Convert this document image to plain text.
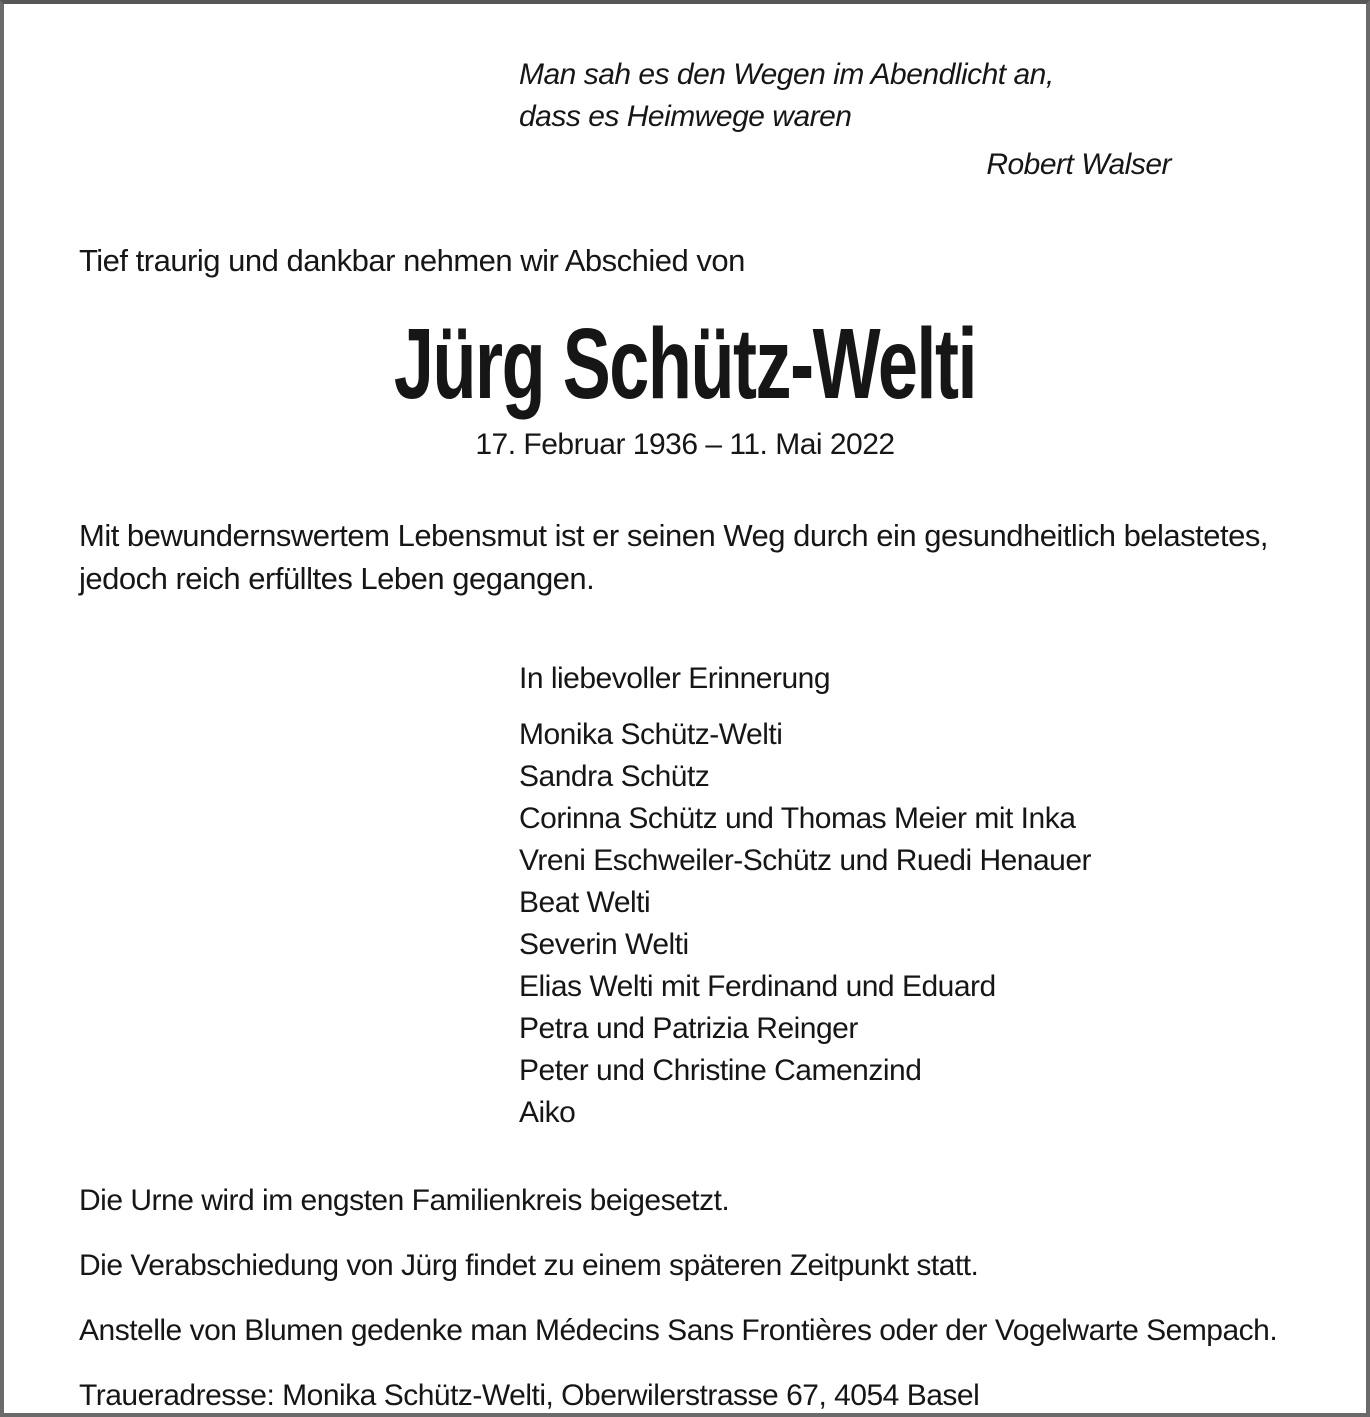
Man sah es den Wegen im Abendlicht an,
dass es Heimwege waren
Robert Walser
Tief traurig und dankbar nehmen wir Abschied von
Jürg Schütz-Welti
17. Februar 1936 – 11. Mai 2022
Mit bewundernswertem Lebensmut ist er seinen Weg durch ein gesundheitlich belastetes, jedoch reich erfülltes Leben gegangen.
In liebevoller Erinnerung
Monika Schütz-Welti
Sandra Schütz
Corinna Schütz und Thomas Meier mit Inka
Vreni Eschweiler-Schütz und Ruedi Henauer
Beat Welti
Severin Welti
Elias Welti mit Ferdinand und Eduard
Petra und Patrizia Reinger
Peter und Christine Camenzind
Aiko
Die Urne wird im engsten Familienkreis beigesetzt.
Die Verabschiedung von Jürg findet zu einem späteren Zeitpunkt statt.
Anstelle von Blumen gedenke man Médecins Sans Frontières oder der Vogelwarte Sempach.
Traueradresse: Monika Schütz-Welti, Oberwilerstrasse 67, 4054 Basel
